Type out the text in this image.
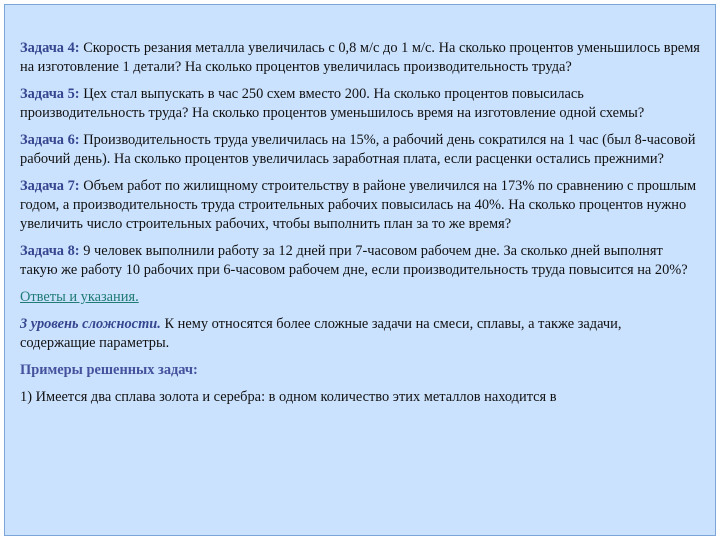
Задача 4: Скорость резания металла увеличилась с 0,8 м/с до 1 м/с. На сколько процентов уменьшилось время на изготовление 1 детали? На сколько процентов увеличилась производительность труда?

Задача 5: Цех стал выпускать в час 250 схем вместо 200. На сколько процентов повысилась производительность труда? На сколько процентов уменьшилось время на изготовление одной схемы?

Задача 6: Производительность труда увеличилась на 15%, а рабочий день сократился на 1 час (был 8-часовой рабочий день). На сколько процентов увеличилась заработная плата, если расценки остались прежними?

Задача 7: Объем работ по жилищному строительству в районе увеличился на 173% по сравнению с прошлым годом, а производительность труда строительных рабочих повысилась на 40%. На сколько процентов нужно увеличить число строительных рабочих, чтобы выполнить план за то же время?

Задача 8: 9 человек выполнили работу за 12 дней при 7-часовом рабочем дне. За сколько дней выполнят такую же работу 10 рабочих при 6-часовом рабочем дне, если производительность труда повысится на 20%?

Ответы и указания.

3 уровень сложности. К нему относятся более сложные задачи на смеси, сплавы, а также задачи, содержащие параметры.

Примеры решенных задач:

1) Имеется два сплава золота и серебра: в одном количество этих металлов находится в
